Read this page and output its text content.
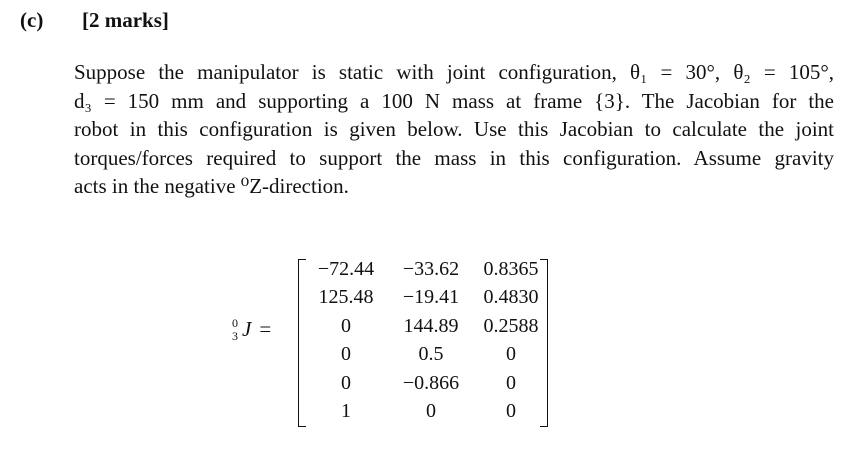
(c) [2 marks]
Suppose the manipulator is static with joint configuration, θ₁ = 30°, θ₂ = 105°,
d₃ = 150 mm and supporting a 100 N mass at frame {3}. The Jacobian for the
robot in this configuration is given below. Use this Jacobian to calculate the joint
torques/forces required to support the mass in this configuration. Assume gravity
acts in the negative ⁰Z-direction.
0
3 J =
−72.44	−33.62	0.8365
125.48	−19.41	0.4830
0	144.89	0.2588
0	0.5	0
0	−0.866	0
1	0	0
